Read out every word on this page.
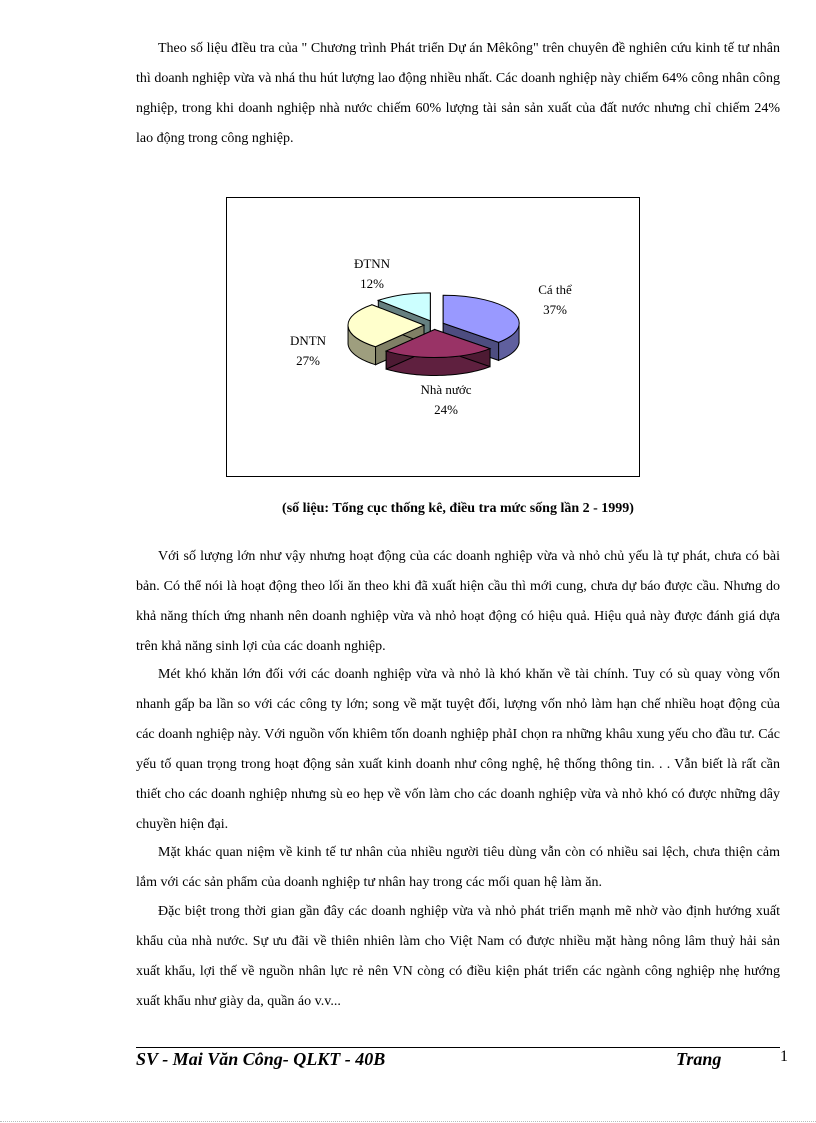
Theo số liệu đIều tra của " Chương trình Phát triển Dự án Mêkông" trên chuyên đề nghiên cứu kinh tế tư nhân thì doanh nghiệp vừa và nhá thu hút lượng lao động nhiều nhất. Các doanh nghiệp này chiếm 64% công nhân công nghiệp, trong khi doanh nghiệp nhà nước chiếm 60% lượng tài sản sản xuất của đất nước nhưng chỉ chiếm 24% lao động trong công nghiệp.

Cá thể
37%
Nhà nước
24%
DNTN
27%
ĐTNN
12%
(số liệu: Tổng cục thống kê, điều tra mức sống lần 2 - 1999)

Với số lượng lớn như vậy nhưng hoạt động của các doanh nghiệp vừa và nhỏ chủ yếu là tự phát, chưa có bài bản. Có thể nói là hoạt động theo lối ăn theo khi đã xuất hiện cầu thì mới cung, chưa dự báo được cầu. Nhưng do khả năng thích ứng nhanh nên doanh nghiệp vừa và nhỏ hoạt động có hiệu quả. Hiệu quả này được đánh giá dựa trên khả năng sinh lợi của các doanh nghiệp.

Mét khó khăn lớn đối với các doanh nghiệp vừa và nhỏ là khó khăn về tài chính. Tuy có sù quay vòng vốn nhanh gấp ba lần so với các công ty lớn; song về mặt tuyệt đối, lượng vốn nhỏ làm hạn chế nhiều hoạt động của các doanh nghiệp này. Với nguồn vốn khiêm tốn doanh nghiệp phảI chọn ra những khâu xung yếu cho đầu tư. Các yếu tố quan trọng trong hoạt động sản xuất kinh doanh như công nghệ, hệ thống thông tin. . . Vẫn biết là rất cần thiết cho các doanh nghiệp nhưng sù eo hẹp về vốn làm cho các doanh nghiệp vừa và nhỏ khó có được những dây chuyền hiện đại.

Mặt khác quan niệm về kinh tế tư nhân của nhiều người tiêu dùng vẫn còn có nhiều sai lệch, chưa thiện cảm lắm với các sản phẩm của doanh nghiệp tư nhân hay trong các mối quan hệ làm ăn.

Đặc biệt trong thời gian gần đây các doanh nghiệp vừa và nhỏ phát triển mạnh mẽ nhờ vào định hướng xuất khẩu của nhà nước. Sự ưu đãi về thiên nhiên làm cho Việt Nam có được nhiều mặt hàng nông lâm thuỷ hải sản xuất khẩu, lợi thế về nguồn nhân lực rẻ nên VN còng có điều kiện phát triển các ngành công nghiệp nhẹ hướng xuất khẩu như giày da, quần áo v.v...

SV - Mai Văn Công- QLKT - 40B	Trang	1
